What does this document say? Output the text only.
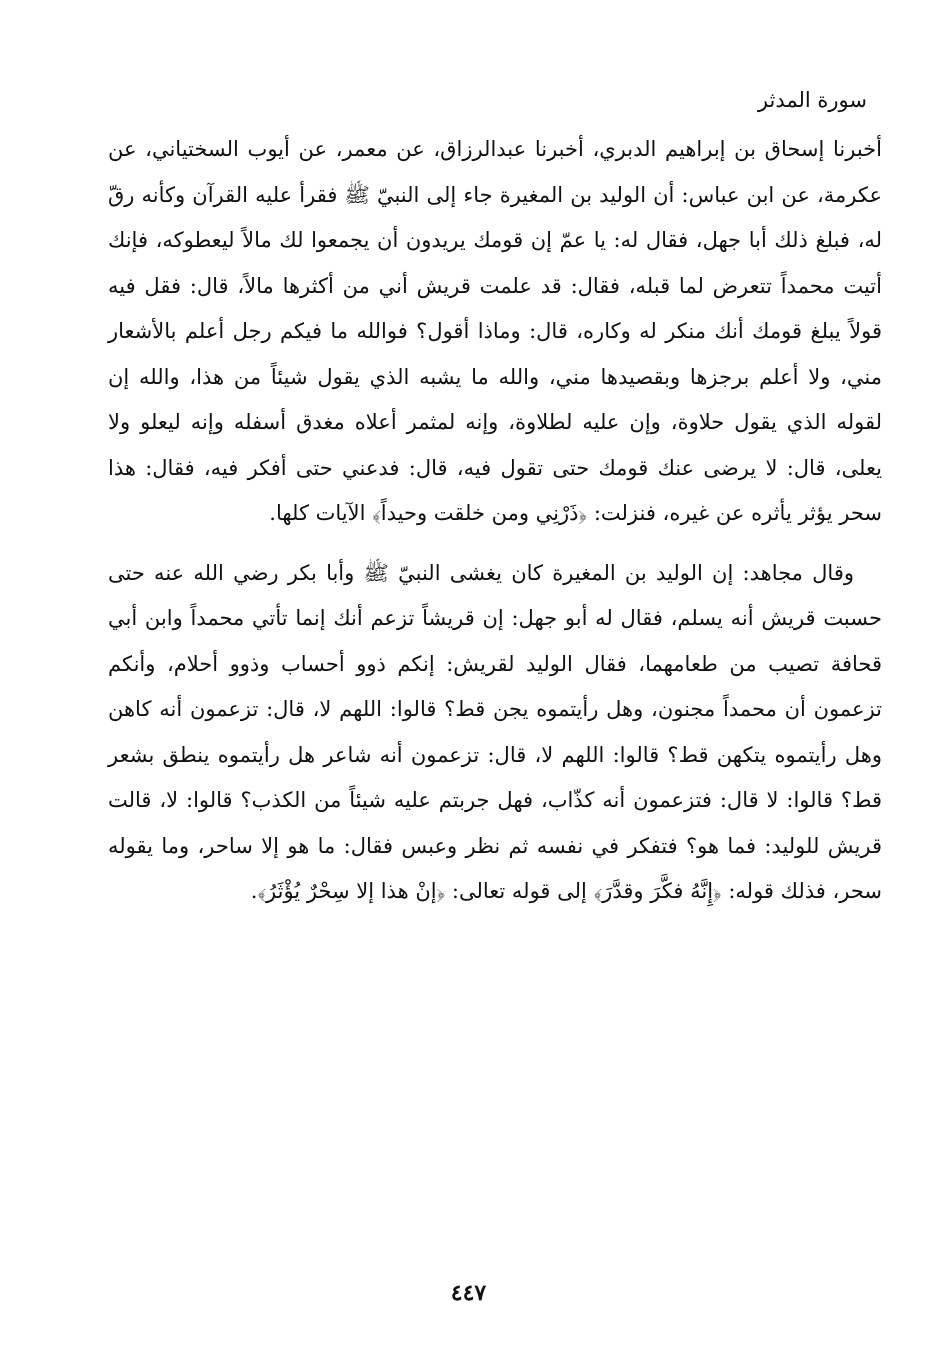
سورة المدثر

أخبرنا إسحاق بن إبراهيم الدبري، أخبرنا عبدالرزاق، عن معمر، عن أيوب السختياني، عن عكرمة، عن ابن عباس: أن الوليد بن المغيرة جاء إلى النبيّ ﷺ فقرأ عليه القرآن وكأنه رقّ له، فبلغ ذلك أبا جهل، فقال له: يا عمّ إن قومك يريدون أن يجمعوا لك مالاً ليعطوكه، فإنك أتيت محمداً تتعرض لما قبله، فقال: قد علمت قريش أني من أكثرها مالاً، قال: فقل فيه قولاً يبلغ قومك أنك منكر له وكاره، قال: وماذا أقول؟ فوالله ما فيكم رجل أعلم بالأشعار مني، ولا أعلم برجزها وبقصيدها مني، والله ما يشبه الذي يقول شيئاً من هذا، والله إن لقوله الذي يقول حلاوة، وإن عليه لطلاوة، وإنه لمثمر أعلاه مغدق أسفله وإنه ليعلو ولا يعلى، قال: لا يرضى عنك قومك حتى تقول فيه، قال: فدعني حتى أفكر فيه، فقال: هذا سحر يؤثر يأثره عن غيره، فنزلت: ﴿ذَرْنِي ومن خلقت وحيداً﴾ الآيات كلها.

وقال مجاهد: إن الوليد بن المغيرة كان يغشى النبيّ ﷺ وأبا بكر رضي الله عنه حتى حسبت قريش أنه يسلم، فقال له أبو جهل: إن قريشاً تزعم أنك إنما تأتي محمداً وابن أبي قحافة تصيب من طعامهما، فقال الوليد لقريش: إنكم ذوو أحساب وذوو أحلام، وأنكم تزعمون أن محمداً مجنون، وهل رأيتموه يجن قط؟ قالوا: اللهم لا، قال: تزعمون أنه كاهن وهل رأيتموه يتكهن قط؟ قالوا: اللهم لا، قال: تزعمون أنه شاعر هل رأيتموه ينطق بشعر قط؟ قالوا: لا قال: فتزعمون أنه كذّاب، فهل جربتم عليه شيئاً من الكذب؟ قالوا: لا، قالت قريش للوليد: فما هو؟ فتفكر في نفسه ثم نظر وعبس فقال: ما هو إلا ساحر، وما يقوله سحر، فذلك قوله: ﴿إِنَّهُ فكَّرَ وقدَّرَ﴾ إلى قوله تعالى: ﴿إنْ هذا إلا سِحْرٌ يُؤْثَرُ﴾.

٤٤٧
